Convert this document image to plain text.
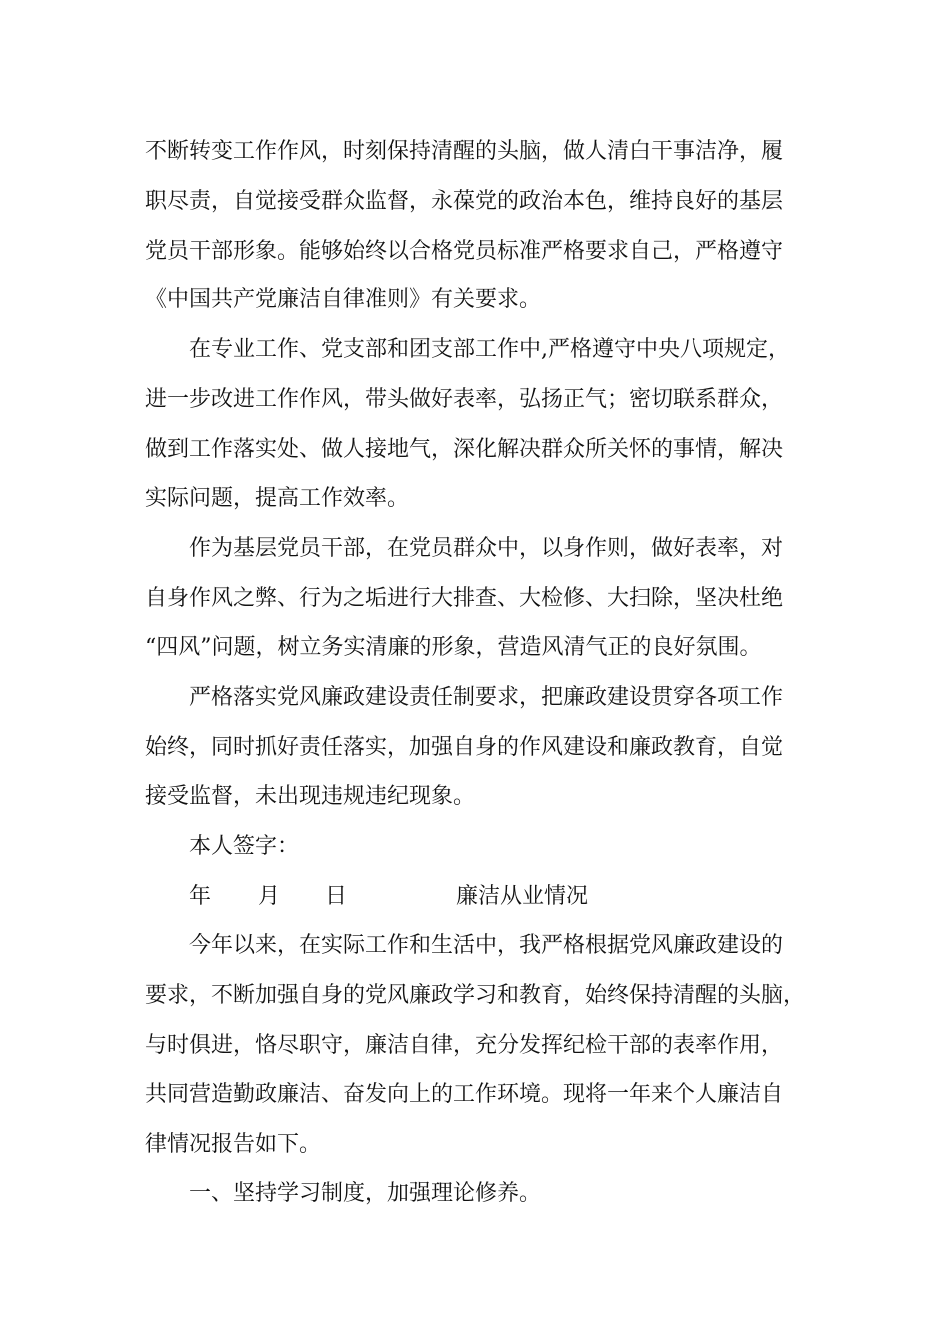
不断转变工作作风，时刻保持清醒的头脑，做人清白干事洁净，履
职尽责，自觉接受群众监督，永葆党的政治本色，维持良好的基层
党员干部形象。能够始终以合格党员标准严格要求自己，严格遵守
《中国共产党廉洁自律准则》有关要求。
在专业工作、党支部和团支部工作中,严格遵守中央八项规定，
进一步改进工作作风，带头做好表率，弘扬正气；密切联系群众，
做到工作落实处、做人接地气，深化解决群众所关怀的事情，解决
实际问题，提高工作效率。
作为基层党员干部，在党员群众中，以身作则，做好表率，对
自身作风之弊、行为之垢进行大排查、大检修、大扫除，坚决杜绝
“四风”问题，树立务实清廉的形象，营造风清气正的良好氛围。
严格落实党风廉政建设责任制要求，把廉政建设贯穿各项工作
始终，同时抓好责任落实，加强自身的作风建设和廉政教育，自觉
接受监督，未出现违规违纪现象。
本人签字：
年 月 日	廉洁从业情况
今年以来，在实际工作和生活中，我严格根据党风廉政建设的
要求，不断加强自身的党风廉政学习和教育，始终保持清醒的头脑，
与时俱进，恪尽职守，廉洁自律，充分发挥纪检干部的表率作用，
共同营造勤政廉洁、奋发向上的工作环境。现将一年来个人廉洁自
律情况报告如下。
一、坚持学习制度，加强理论修养。
